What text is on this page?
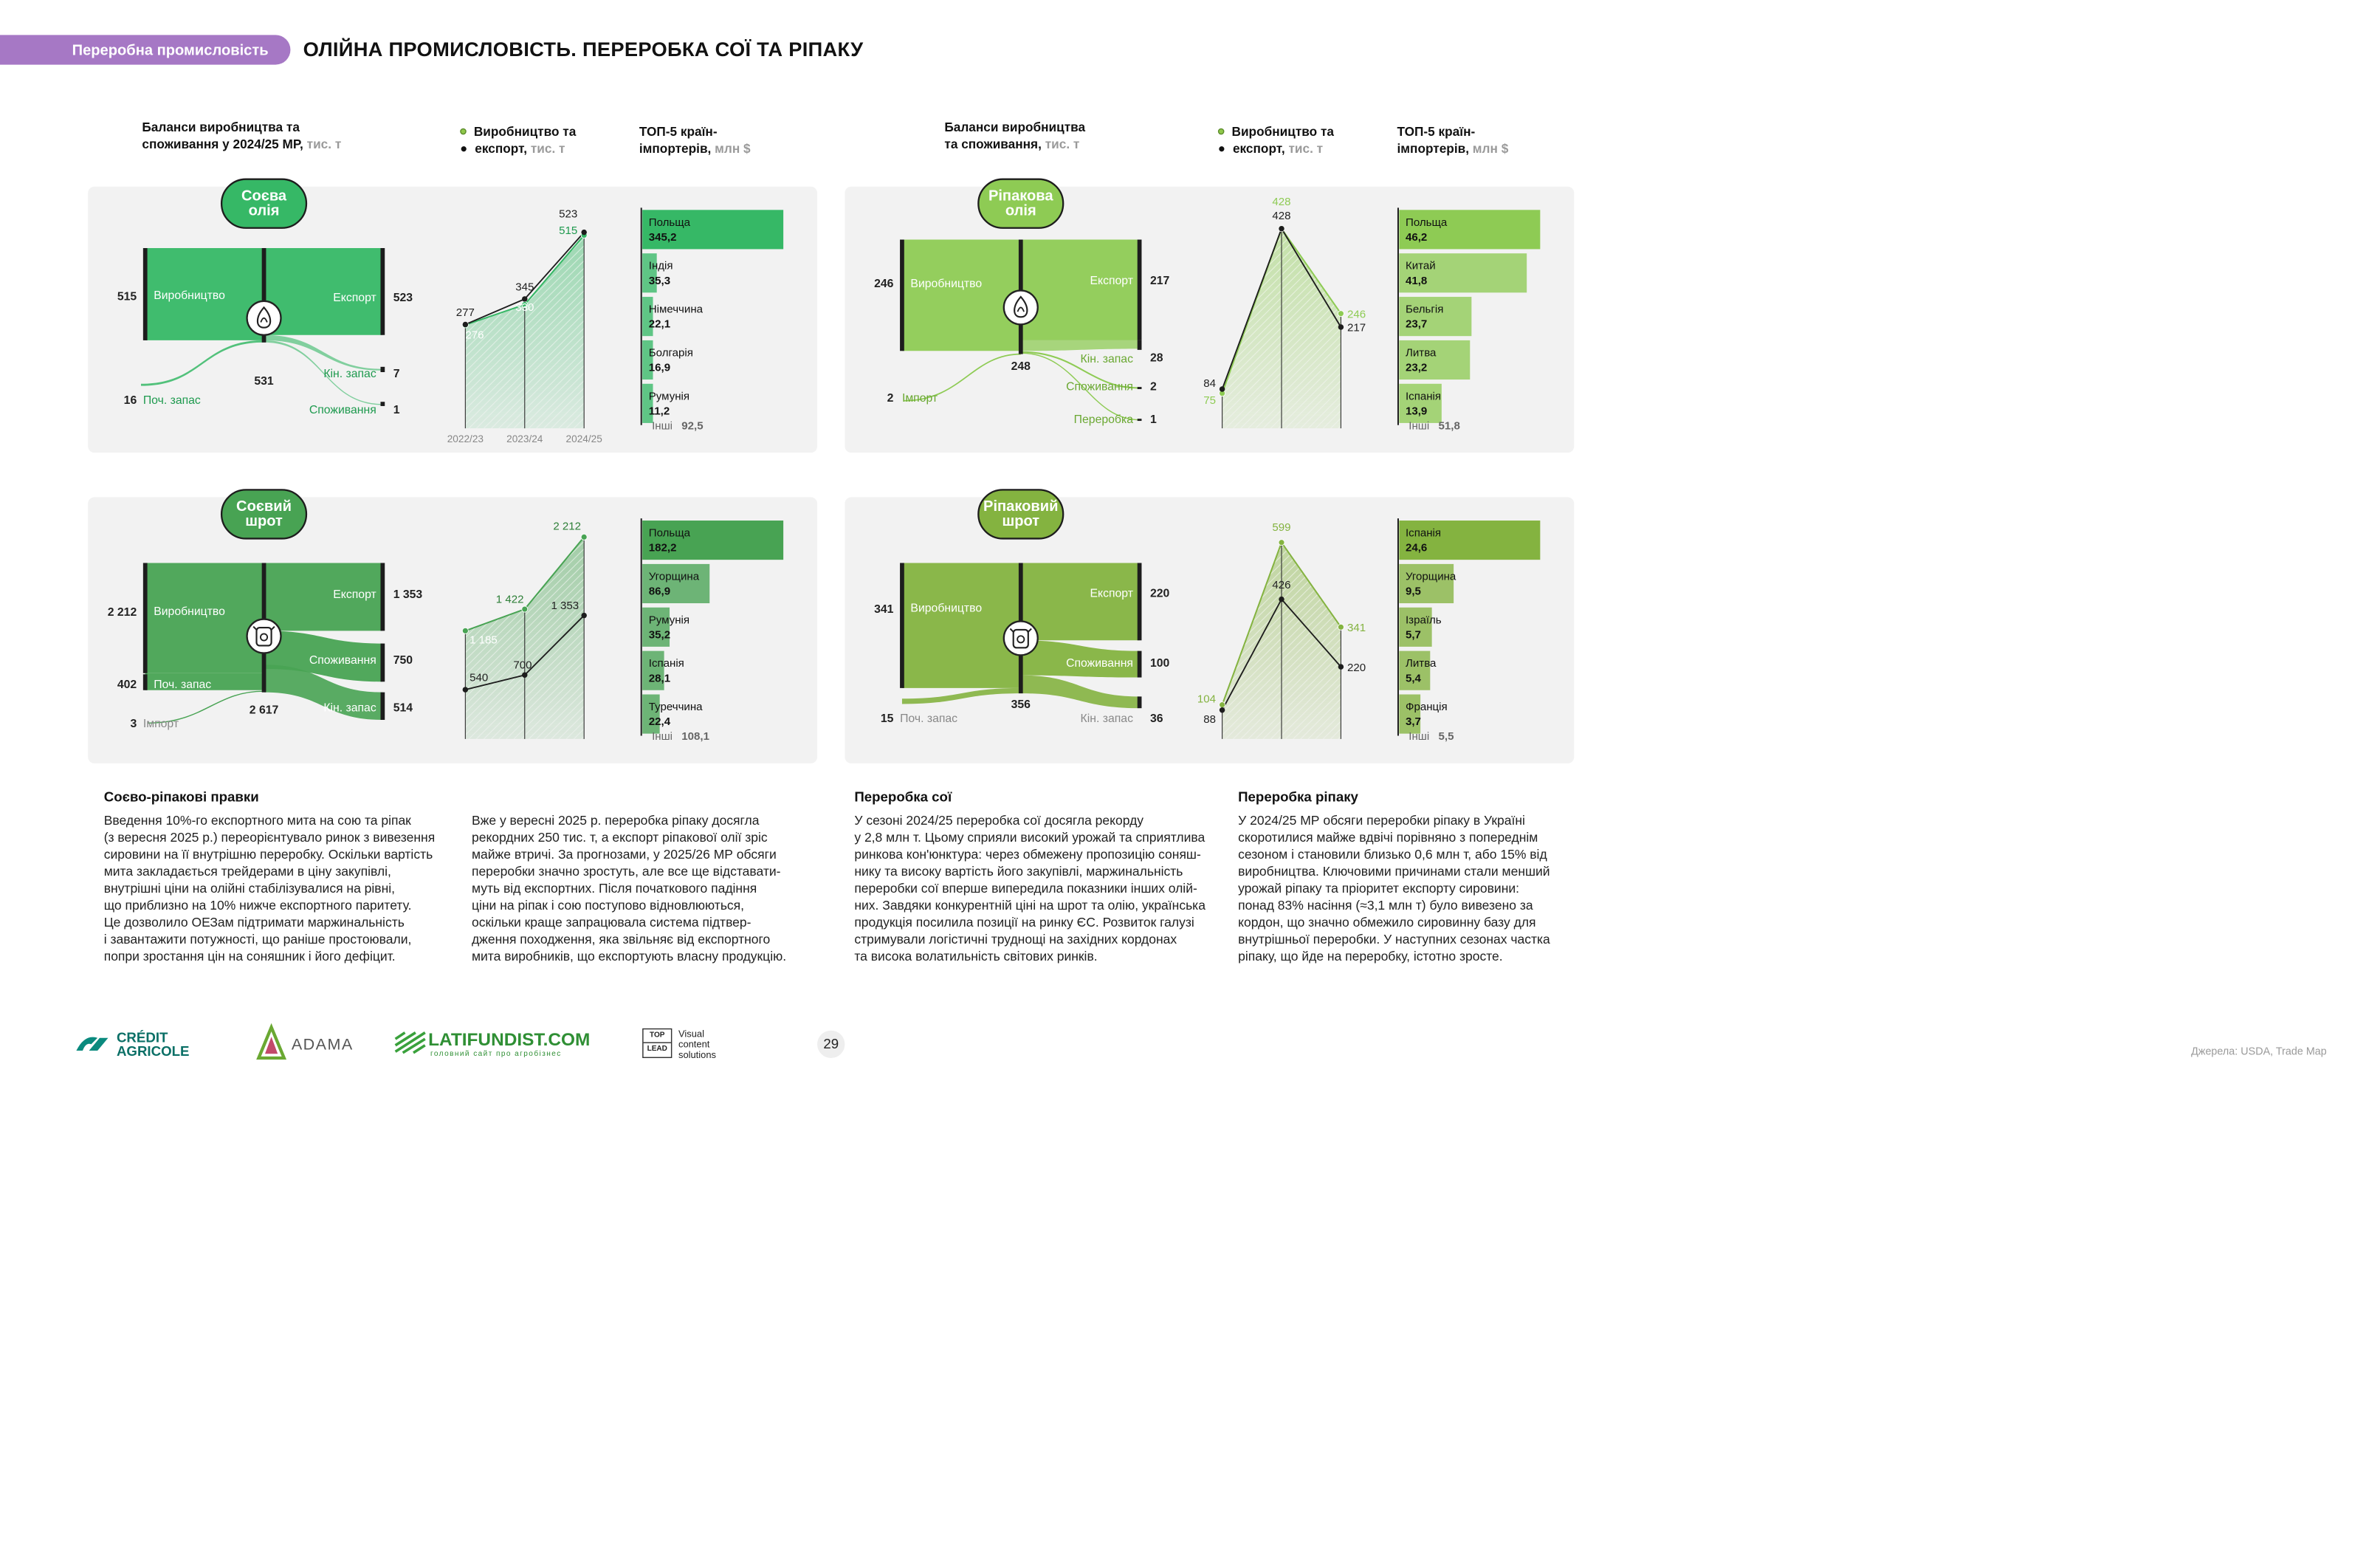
Переробна промисловість	ОЛІЙНА ПРОМИСЛОВІСТЬ. ПЕРЕРОБКА СОЇ ТА РІПАКУ
Баланси виробництва та
споживання у 2024/25 МР, тис. т
Виробництво та
експорт, тис. т
ТОП-5 країн-
імпортерів, млн $
Баланси виробництва
та споживання, тис. т
Виробництво та
експорт, тис. т
ТОП-5 країн-
імпортерів, млн $
515 Виробництво
16 Поч. запас
531
Експорт 523
Кін. запас 7
Споживання 1
Соєва
олія
277
276
345
330
523
515
2022/23	2023/24	2024/25
Польща
345,2
Індія
35,3
Німеччина
22,1
Болгарія
16,9
Румунія
11,2
Інші 92,5
246 Виробництво
2 Імпорт
248
Експорт 217
Кін. запас 28
Споживання 2
Переробка 1
Ріпакова
олія
84
75
428
428
246
217
Польща
46,2
Китай
41,8
Бельгія
23,7
Литва
23,2
Іспанія
13,9
Інші 51,8
2 212 Виробництво
402 Поч. запас
3 Імпорт
2 617
Експорт 1 353
Споживання 750
Кін. запас 514
Соєвий
шрот
1 185
540
1 422
700
2 212
1 353
Польща
182,2
Угорщина
86,9
Румунія
35,2
Іспанія
28,1
Туреччина
22,4
Інші 108,1
341 Виробництво
15 Поч. запас
356
Експорт 220
Споживання 100
Кін. запас 36
Ріпаковий
шрот
104
88
599
426
341
220
Іспанія
24,6
Угорщина
9,5
Ізраїль
5,7
Литва
5,4
Франція
3,7
Інші 5,5
Соєво-ріпакові правки
Введення 10%-го експортного мита на сою та ріпак
(з вересня 2025 р.) переорієнтувало ринок з вивезення
сировини на її внутрішню переробку. Оскільки вартість
мита закладається трейдерами в ціну закупівлі,
внутрішні ціни на олійні стабілізувалися на рівні,
що приблизно на 10% нижче експортного паритету.
Це дозволило ОЕЗам підтримати маржинальність
і завантажити потужності, що раніше простоювали,
попри зростання цін на соняшник і його дефіцит.
Вже у вересні 2025 р. переробка ріпаку досягла
рекордних 250 тис. т, а експорт ріпакової олії зріс
майже втричі. За прогнозами, у 2025/26 МР обсяги
переробки значно зростуть, але все ще відставати-
муть від експортних. Після початкового падіння
ціни на ріпак і сою поступово відновлюються,
оскільки краще запрацювала система підтвер-
дження походження, яка звільняє від експортного
мита виробників, що експортують власну продукцію.
Переробка сої
У сезоні 2024/25 переробка сої досягла рекорду
у 2,8 млн т. Цьому сприяли високий урожай та сприятлива
ринкова кон'юнктура: через обмежену пропозицію соняш-
нику та високу вартість його закупівлі, маржинальність
переробки сої вперше випередила показники інших олій-
них. Завдяки конкурентній ціні на шрот та олію, українська
продукція посилила позиції на ринку ЄС. Розвиток галузі
стримували логістичні труднощі на західних кордонах
та висока волатильність світових ринків.
Переробка ріпаку
У 2024/25 МР обсяги переробки ріпаку в Україні
скоротилися майже вдвічі порівняно з попереднім
сезоном і становили близько 0,6 млн т, або 15% від
виробництва. Ключовими причинами стали менший
урожай ріпаку та пріоритет експорту сировини:
понад 83% насіння (≈3,1 млн т) було вивезено за
кордон, що значно обмежило сировинну базу для
внутрішньої переробки. У наступних сезонах частка
ріпаку, що йде на переробку, істотно зросте.
CRÉDIT
AGRICOLE	ADAMA	LATIFUNDIST.COM
головний сайт про агробізнес
TOP
LEAD
Visual
content
solutions
29
Джерела: USDA, Trade Map
